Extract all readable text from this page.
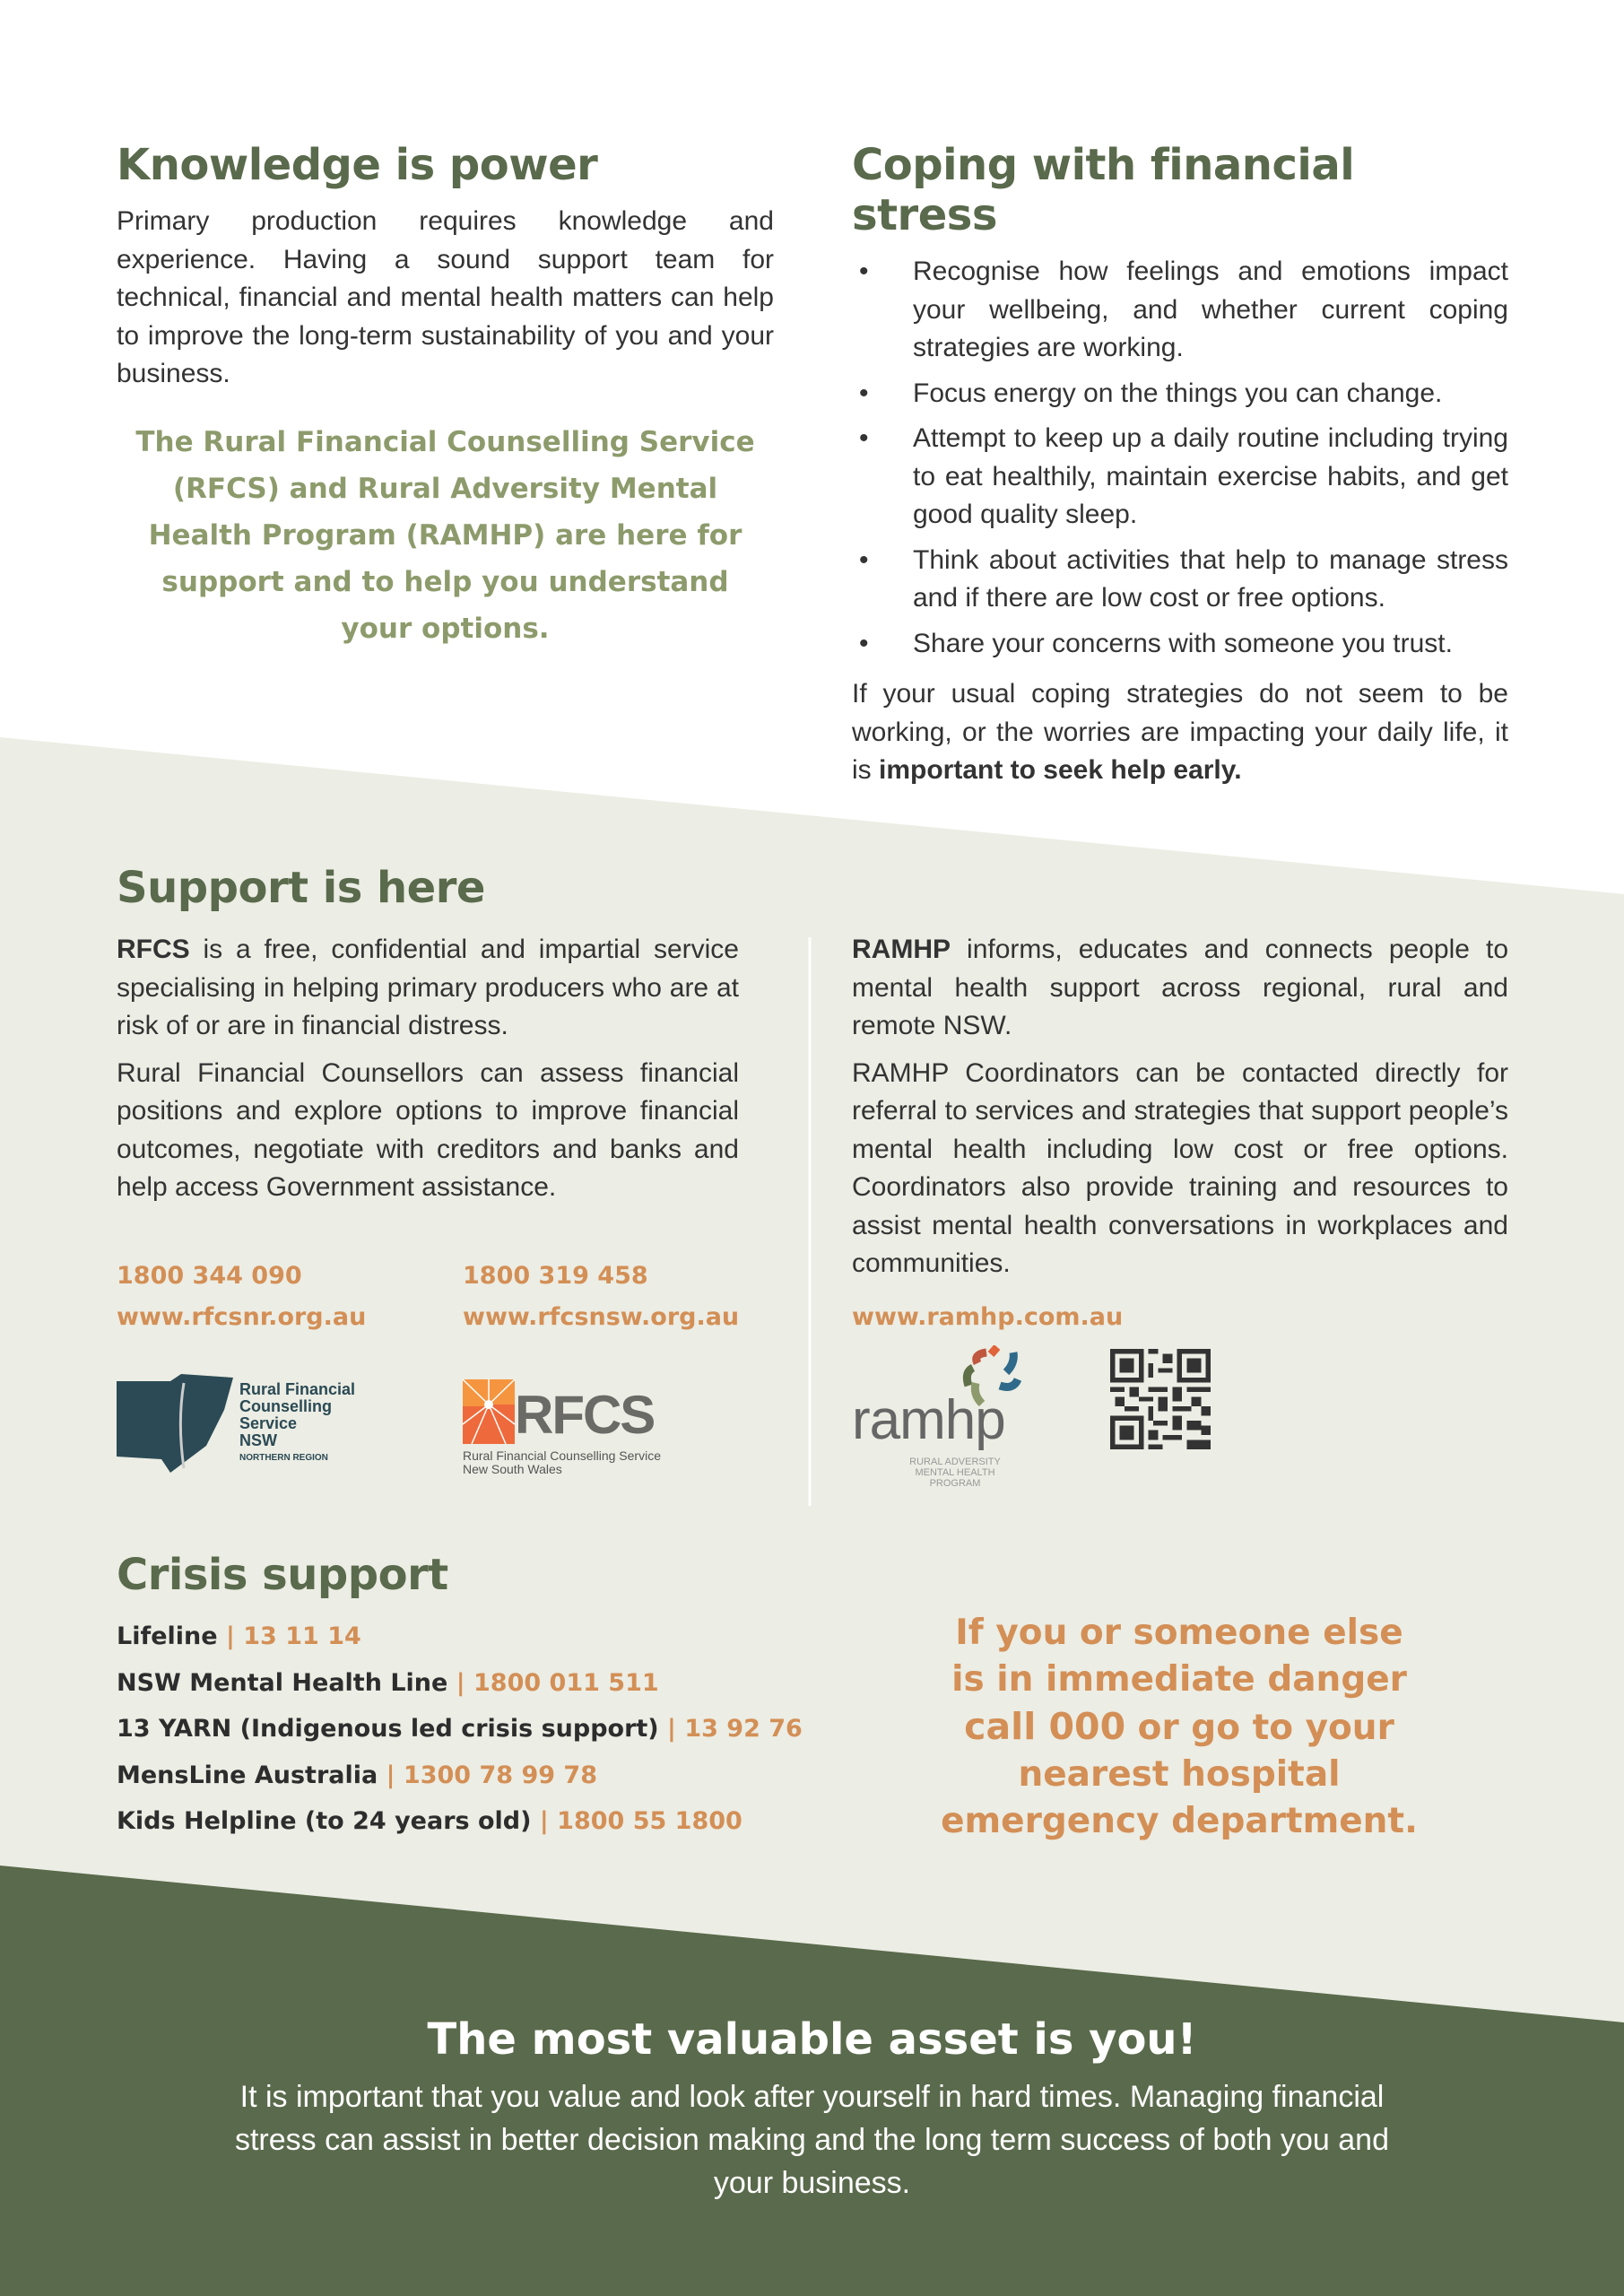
Knowledge is power
Primary production requires knowledge and experience. Having a sound support team for technical, financial and mental health matters can help to improve the long-term sustainability of you and your business.
The Rural Financial Counselling Service (RFCS) and Rural Adversity Mental Health Program (RAMHP) are here for support and to help you understand your options.
Coping with financial stress
• Recognise how feelings and emotions impact your wellbeing, and whether current coping strategies are working.
• Focus energy on the things you can change.
• Attempt to keep up a daily routine including trying to eat healthily, maintain exercise habits, and get good quality sleep.
• Think about activities that help to manage stress and if there are low cost or free options.
• Share your concerns with someone you trust.
If your usual coping strategies do not seem to be working, or the worries are impacting your daily life, it is important to seek help early.
Support is here

RFCS is a free, confidential and impartial service specialising in helping primary producers who are at risk of or are in financial distress.

Rural Financial Counsellors can assess financial positions and explore options to improve financial outcomes, negotiate with creditors and banks and help access Government assistance.

1800 344 090
www.rfcsnr.org.au
1800 319 458
www.rfcsnsw.org.au
Rural Financial
Counselling
Service
NSW
NORTHERN REGION
RFCS
Rural Financial Counselling Service
New South Wales

RAMHP informs, educates and connects people to mental health support across regional, rural and remote NSW.

RAMHP Coordinators can be contacted directly for referral to services and strategies that support people’s mental health including low cost or free options. Coordinators also provide training and resources to assist mental health conversations in workplaces and communities.

www.ramhp.com.au
ramhp
RURAL ADVERSITY
MENTAL HEALTH
PROGRAM
Crisis support
Lifeline | 13 11 14
NSW Mental Health Line | 1800 011 511
13 YARN (Indigenous led crisis support) | 13 92 76
MensLine Australia | 1300 78 99 78
Kids Helpline (to 24 years old) | 1800 55 1800
If you or someone else
is in immediate danger
call 000 or go to your
nearest hospital
emergency department.
The most valuable asset is you!

It is important that you value and look after yourself in hard times. Managing financial stress can assist in better decision making and the long term success of both you and your business.
